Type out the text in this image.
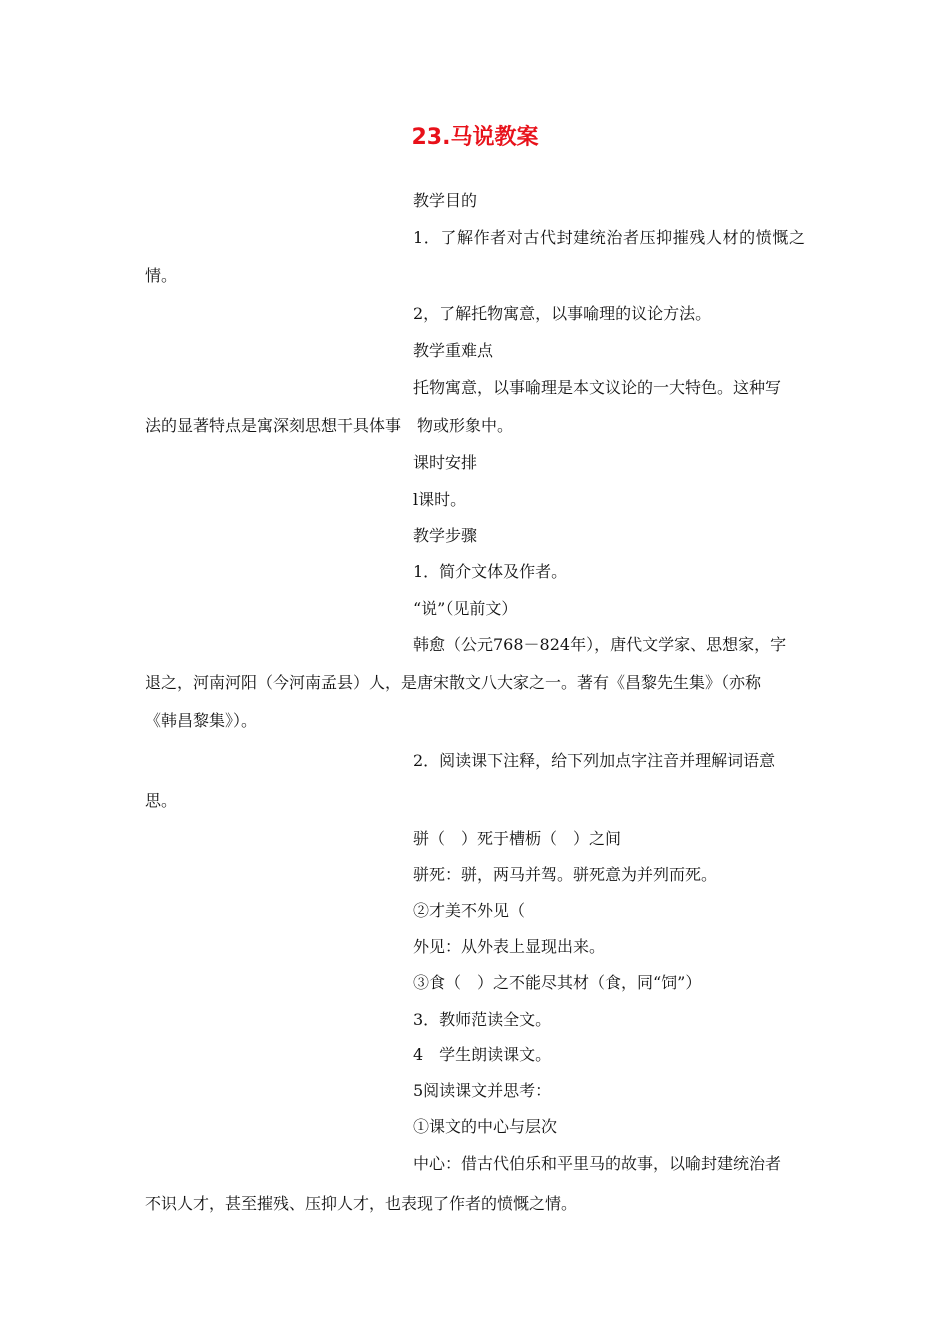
23.马说教案
教学目的
1．了解作者对古代封建统治者压抑摧残人材的愤慨之
情。
2，了解托物寓意，以事喻理的议论方法。
教学重难点
托物寓意，以事喻理是本文议论的一大特色。这种写
法的显著特点是寓深刻思想干具体事　物或形象中。
课时安排
l课时。
教学步骤
1．简介文体及作者。
“说”（见前文）
韩愈（公元768－824年），唐代文学家、思想家，字
退之，河南河阳（今河南孟县）人，是唐宋散文八大家之一。著有《昌黎先生集》（亦称
《韩昌黎集》）。
2．阅读课下注释，给下列加点字注音并理解词语意
思。
骈（　）死于槽枥（　）之间
骈死：骈，两马并驾。骈死意为并列而死。
②才美不外见（
外见：从外表上显现出来。
③食（　）之不能尽其材（食，同“饲”）
3．教师范读全文。
4　学生朗读课文。
5阅读课文并思考：
①课文的中心与层次
中心：借古代伯乐和平里马的故事，以喻封建统治者
不识人才，甚至摧残、压抑人才，也表现了作者的愤慨之情。
